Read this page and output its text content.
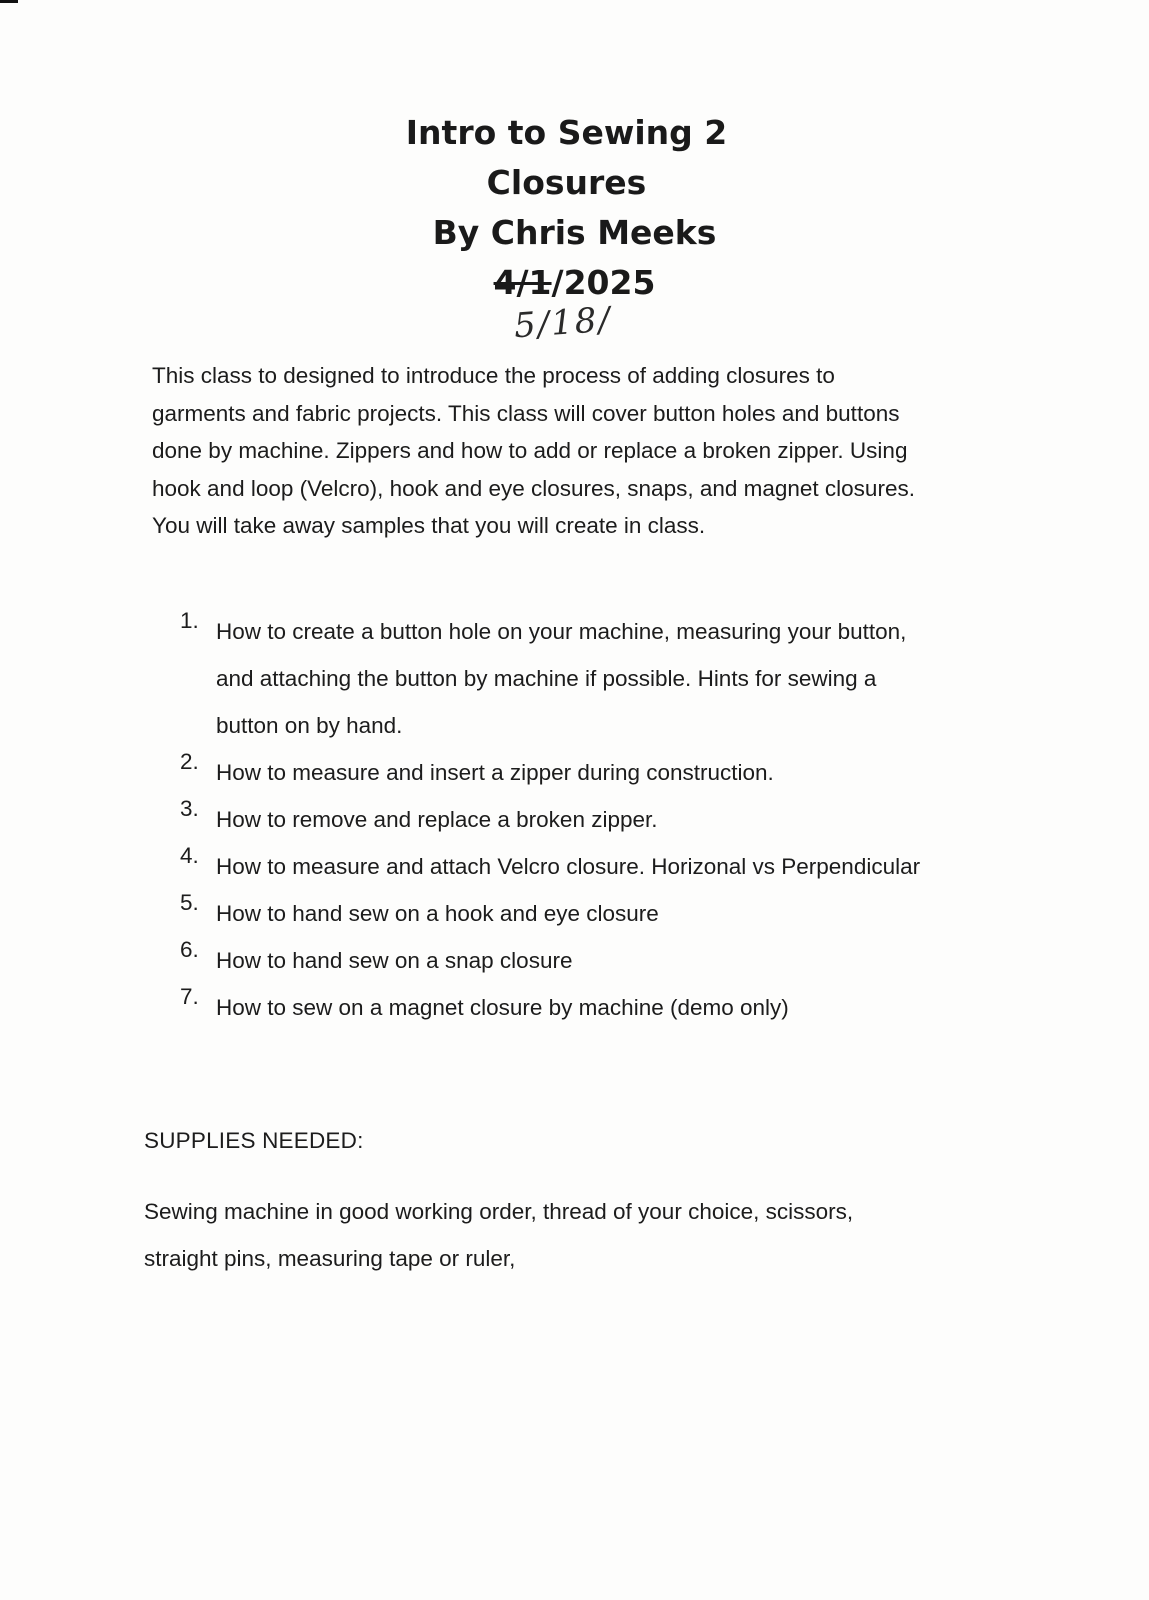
Intro to Sewing 2
Closures
By Chris Meeks
4/1/2025
5/18/
This class to designed to introduce the process of adding closures to
garments and fabric projects. This class will cover button holes and buttons
done by machine. Zippers and how to add or replace a broken zipper. Using
hook and loop (Velcro), hook and eye closures, snaps, and magnet closures.
You will take away samples that you will create in class.
1. How to create a button hole on your machine, measuring your button,
and attaching the button by machine if possible. Hints for sewing a
button on by hand.
2. How to measure and insert a zipper during construction.
3. How to remove and replace a broken zipper.
4. How to measure and attach Velcro closure. Horizonal vs Perpendicular
5. How to hand sew on a hook and eye closure
6. How to hand sew on a snap closure
7. How to sew on a magnet closure by machine (demo only)
SUPPLIES NEEDED:
Sewing machine in good working order, thread of your choice, scissors,
straight pins, measuring tape or ruler,
